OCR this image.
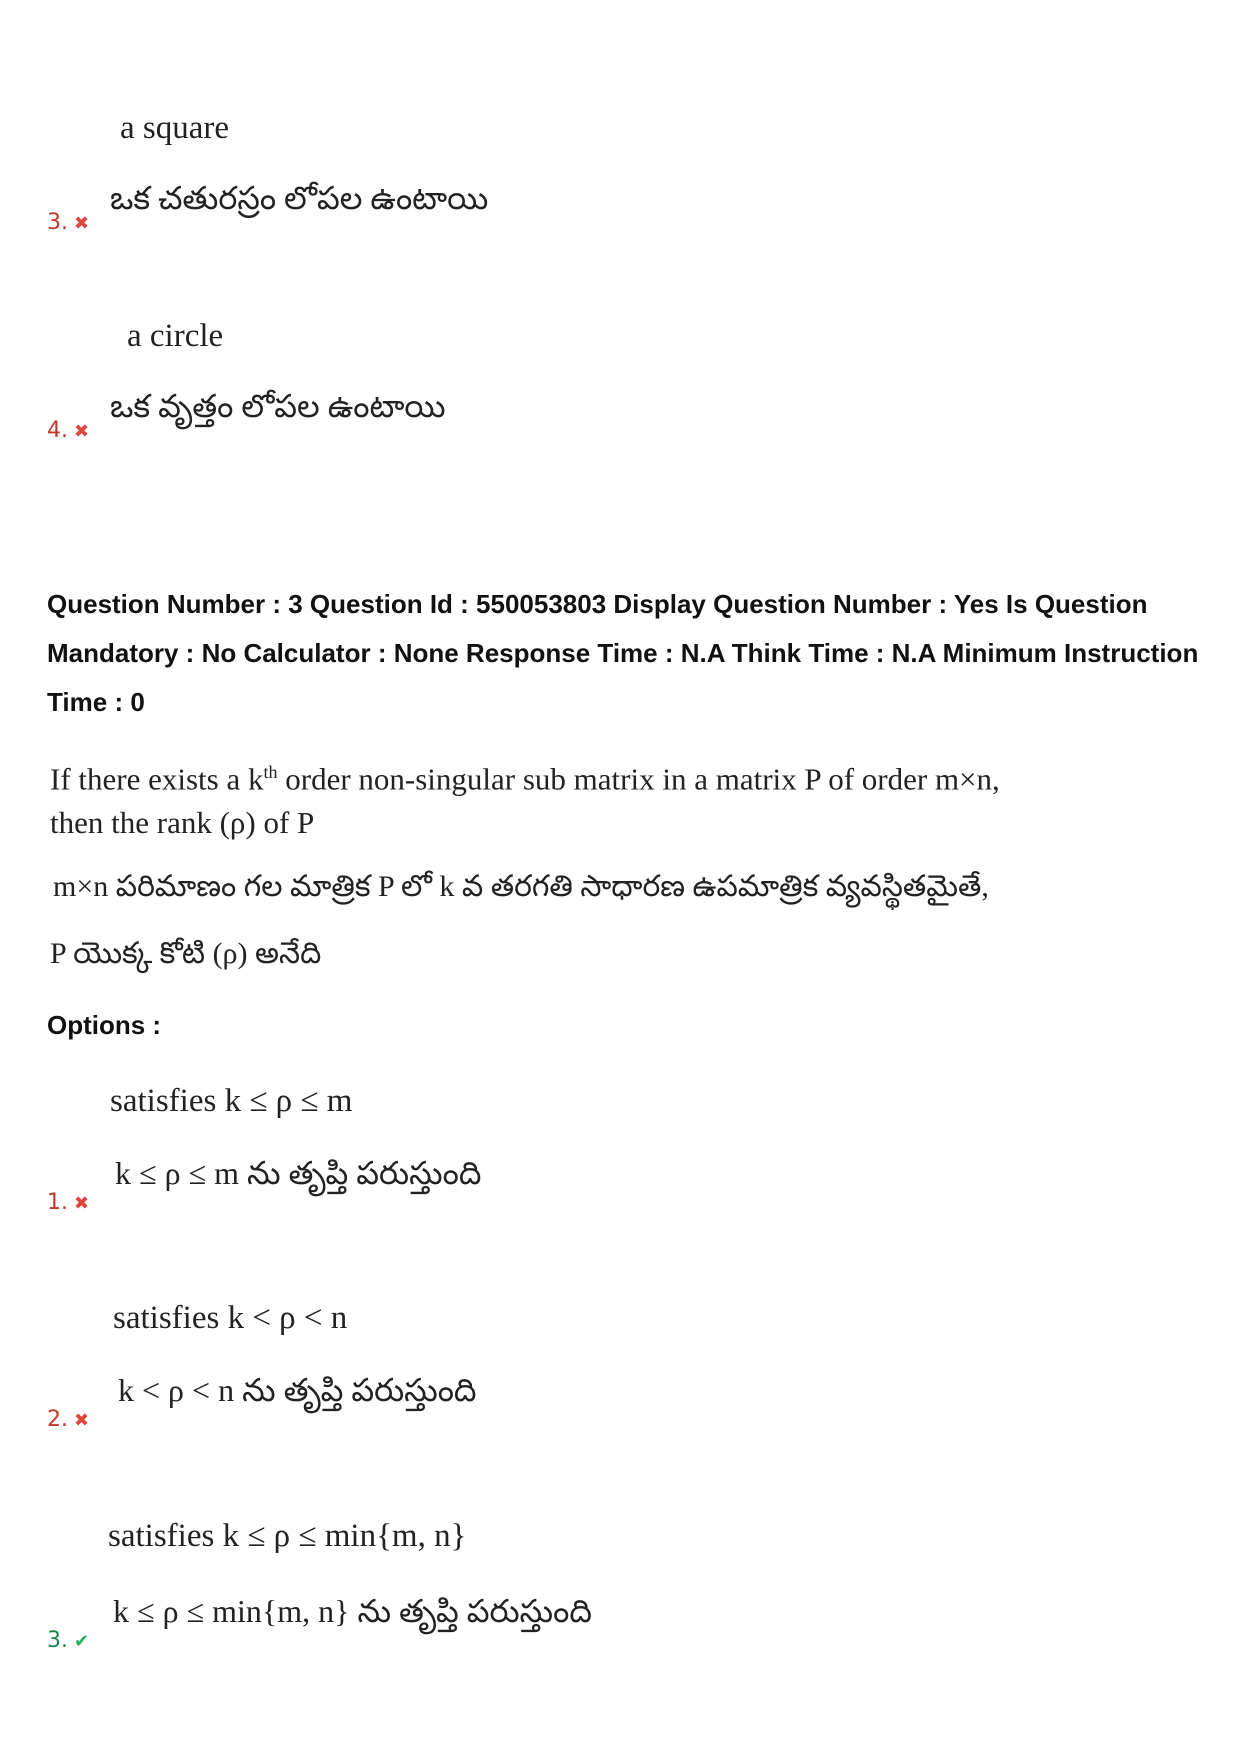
a square
ఒక చతురస్రం లోపల ఉంటాయి
3. ✖
a circle
ఒక వృత్తం లోపల ఉంటాయి
4. ✖
Question Number : 3 Question Id : 550053803 Display Question Number : Yes Is Question Mandatory : No Calculator : None Response Time : N.A Think Time : N.A Minimum Instruction Time : 0
If there exists a $k^{th}$ order non-singular sub matrix in a matrix P of order m×n,
then the rank (ρ) of P
m×n పరిమాణం గల మాత్రిక P లో k వ తరగతి సాధారణ ఉపమాత్రిక వ్యవస్థితమైతే,
P యొక్క కోటి (ρ) అనేది
Options :
satisfies k ≤ ρ ≤ m
k ≤ ρ ≤ m ను తృప్తి పరుస్తుంది
1. ✖
satisfies k < ρ < n
k < ρ < n ను తృప్తి పరుస్తుంది
2. ✖
satisfies k ≤ ρ ≤ min{m, n}
k ≤ ρ ≤ min{m, n} ను తృప్తి పరుస్తుంది
3. ✔
